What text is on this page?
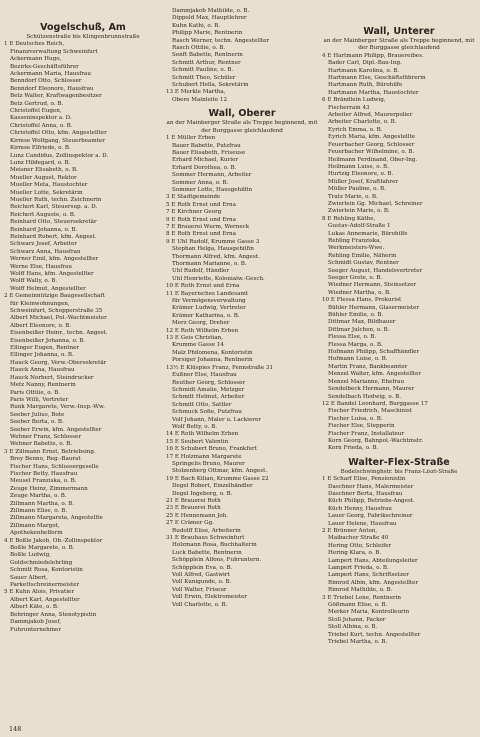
Vogelschuß, Am

Schützenstraße bis Klingenbrunnstraße

1 E Deutsches Reich,

Finanzverwaltung Schweinfurt

Ackermann Hugo,

Bezirks-Geschäftsführer

Ackermann Maria, Hausfrau

Benndorf Otto, Schlosser

Benndorf Eleonore, Hausfrau

Betz Walter, Kraftwagenbesitzer

Betz Gertrud, o. B.

Christoffel Eugen,

Kasseninspektor a. D.

Christoffel Anna, o. B.

Christoffel Otto, kfm. Angestellter

Kirmse Wolfgang, Steuerbeamter

Kirmse Elfriede, o. B.

Lunz Candidus, Zollinspektor a. D.

Lunz Hildegard, o. B.

Meisner Elisabeth, o. B.

Mueller August, Rektor

Mueller Meta, Haustochter

Mueller Lotte, Sekretärin

Mueller Ruth, techn. Zeichnerin

Reichert Karl, Steuersup. a. D.

Reichert Auguste, o. B.

Reinhard Otto, Steuersekretär

Reinhard Johanna, o. B.

Reinhard Robert, kfm. Angest.

Schwarz Josef, Arbeiter

Schwarz Anna, Hausfrau

Werner Emil, kfm. Angestellter

Werne Else, Hausfrau

Wolff Hans, kfm. Angestellter

Wolff Wally, o. B.

Wolff Helmut, Angestellter

2 E Gemeinnützige Baugesellschaft

für Kleinwohnungen,

Schweinfurt, Schopperstraße 35

Albert Michael, Pol.-Wachtmeister

Albert Eleonore, o. B.

Eisenbeißer Heinr., techn. Angest.

Eisenbeißer Johanna, o. B.

Ellinger Eugen, Rentner

Ellinger Johanna, o. B.

Hauck Georg, Verw.-Obersekretär

Hauck Anna, Hausfrau

Hauck Norbert, Steindrucker

Metz Nanny, Rentnerin

Paris Ottilie, o. B.

Paris Willi, Vertreter

Runk Margarete, Verw.-Insp.-Ww.

Seeber Julius, Bote

Seeber Berta, o. B.

Seeber Erwin, kfm. Angestellter

Wehner Franz, Schlosser

Wehner Babette, o. B.

3 E Zillmann Ernst, Betriebsing.

Brey Benno, Reg.-Baurat

Fischer Hans, Schlossergeselle

Fischer Betty, Hausfrau

Meusel Franziska, o. B.

Zeuge Heinz, Zimmermann

Zeuge Martha, o. B.

Zillmann Martha, o. B.

Zillmann Elise, o. B.

Zillmann Margareta, Angestellte

Zillmann Margot,

Apothekenhelferin

4 E Boßle Jakob, Ob.-Zollinspektor

Boßle Margarete, o. B.

Boßle Ludwig,

Goldschmiedelehrling

Schmitt Rosa, Kontoristin

Sauer Albert,

Parkettschreinermeister

5 E Kuhn Alois, Privatier

Albert Karl, Angestellter

Albert Käte, o. B.

Behringer Anna, Stenotypistin

Dammjakob Josef,

Fuhrunternehmer

Dammjakob Mathilde, o. B.

Dippold Max, Hauptlehrer

Kuhn Kathi, o. B.

Philipp Marie, Rentnerin

Rasch Werner, techn. Angestellter

Rasch Ottilie, o. B.

Senft Babette, Rentnerin

Schmitt Arthur, Rentner

Schmitt Pauline, o. B.

Schmitt Theo, Schüler

Schubert Hella, Sekretärin

13 E Merkle Martha,

Obere Mainleite 12

Wall, Oberer

an der Mainberger Straße als Treppe beginnend, mit der Burggasse gleichlaufend

1 E Müller Erben

Bauer Babette, Putzfrau

Bauer Elisabeth, Friseuse

Erhard Michael, Kurier

Erhard Dorothea, o. B.

Sommer Hermann, Arbeiter

Sommer Anna, o. B.

Sommer Lotte, Hausgehilfin

3 E Stadtgemeinde

5 E Roth Ernst und Erna

7 E Kirchner Georg

9 E Roth Ernst und Erna

7 E Brauerei Wurm, Werneck

8 E Roth Ernst und Erna

9 E Uhl Rudolf, Krumme Gasse 3

Stephan Helga, Hausgehilfin

Thormann Alfred, kfm. Angest.

Thormann Marianne, o. B.

Uhl Rudolf, Händler

Uhl Henriette, Kolonialw.-Gesch.

10 E Roth Ernst und Erna

11 E Bayerisches Landesamt

für Vermögensverwaltung

Krämer Ludwig, Vertreter

Krämer Katharina, o. B.

Merz Georg, Dreher

12 E Roth Wilhelm Erben

13 E Geis Christian,

Krumme Gasse 14

Malz Philomena, Kontoristin

Porsiger Johanna, Rentnerin

13½ E Klüspies Franz, Fennstraße 31

Eußner Else, Hausfrau

Reuther Georg, Schlosser

Schmidt Amalie, Metzger

Schmitt Helmut, Arbeiter

Schmitt Otto, Sattler

Schmuck Sofie, Putzfrau

Volf Johann, Maler u. Lackierer

Wolf Betty, o. B.

14 E Roth Wilhelm Erben

15 E Seubert Valentin

16 E Schubert Bruno, Frankfurt

17 E Holzmann Margarete

Springelis Bruno, Maurer

Stolzenberg Ottmar, kfm. Angest.

19 E Bach Kilian, Krumme Gasse 22

Degel Robert, Einzelhändler

Degel Ingeborg, o. B.

21 E Brauerei Roth

23 E Brauerei Roth

25 E Hennemann Joh.

27 E Crämer Gg.

Rudolff Elise, Arbeiterin

31 E Brauhaus Schweinfurt

Holzmann Rosa, Buchhalterin

Luck Babette, Rentnerin

Schöpplein Alfons, Fuhruntern.

Schöpplein Eva, o. B.

Voll Alfred, Gastwirt

Voll Kunigunde, o. B.

Voll Walter, Friseur

Voll Erwin, Elektromeister

Voll Charlotte, o. B.

Wall, Unterer

an der Mainberger Straße als Treppe beginnend, mit der Burggasse gleichlaufend

4 E Hartmann Philipp, Brauereibes.

Bader Carl, Dipl.-Bau-Ing.

Hartmann Karolina, o. B.

Hartmann Else, Geschäftsführerin

Hartmann Ruth, Bürohilfe

Hartmann Martha, Haustochter

6 E Brändlein Ludwig,

Fischerrain 43

Arbeiter Alfred, Maurerpolier

Arbeiter Charlotte, o. B.

Eyrich Emma, o. B.

Eyrich Maria, kfm. Angestellte

Feuerbacher Georg, Schlosser

Feuerbacher Wilhelmine, o. B.

Heilmann Ferdinand, Ober-Ing.

Heilmann Luise, o. B.

Hurtzig Eleonore, o. B.

Müller Josef, Kraftfahrer

Müller Pauline, o. B.

Tratz Marie, o. B.

Zwierlein Gg. Michael, Schreiner

Zwierlein Marie, o. B.

8 E Rehling Käthe,

Gustav-Adolf-Straße 1

Lukas Annemarie, Bürohilfe

Rehling Franziska,

Werkmeisters-Wwe.

Rehling Emilie, Näherin

Schmidt Gustav, Rentner

Seeger August, Handelsvertreter

Seeger Grete, o. B.

Wiedner Hermann, Steinsetzer

Wiedner Martha, o. B.

10 E Flessa Hans, Prokurist

Bühler Hermann, Glasermeister

Bühler Emilie, o. B.

Dittmar Max, Bildhauer

Dittmar Julchen, o. B.

Flessa Else, o. B.

Flessa Marga, o. B.

Hofmann Philipp, Schaffhändler

Hofmann Luise, o. B.

Martin Franz, Bankbeamter

Menzel Walter, kfm. Angestellter

Menzel Marianne, Ehefrau

Sendelbeck Hermann, Maurer

Sendelbach Hedwig, o. B.

12 E Bandel Leonhard, Burggasse 17

Fischer Friedrich, Maschinist

Fischer Luisa, o. B.

Fischer Else, Stepperin

Fischer Franz, Installateur

Korn Georg, Bahnpol.-Wachtmstr.

Korn Frieda, o. B.

Walter-Flex-Straße

Bodelschwinghstr. bis Franz-Liszt-Straße

1 E Scharf Elise, Pensionistin

Daschner Hans, Malermeister

Daschner Berta, Hausfrau

Küch Philipp, Betriebs-Angest.

Küch Henny, Hausfrau

Lauer Georg, Fabrikschreiner

Lauer Helene, Hausfrau

2 E Brünner Anton,

Maibacher Straße 40

Hering Otto, Schleifer

Hering Klara, o. B.

Lampert Hans, Abteilungsleiter

Lampert Frieda, o. B.

Lampert Hans, Schriftsetzer

Rimrod Albin, kfm. Angestellter

Rimrod Mathilde, o. B.

3 E Triebel Lene, Rentnerin

Gößmann Elise, o. B.

Merker Maria, Kontrolleurin

Stoll Johann, Packer

Stoll Albina, o. B.

Triebel Kurt, techn. Angestellter

Triebel Martha, o. B.

148
